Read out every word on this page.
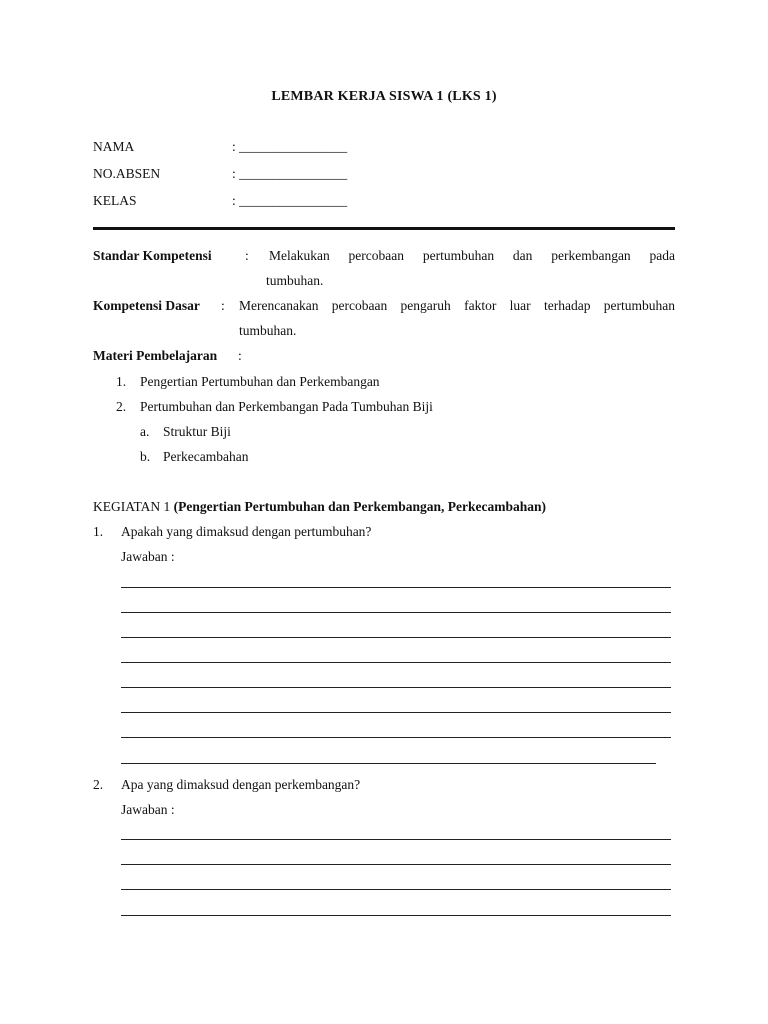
LEMBAR KERJA SISWA 1 (LKS 1)
NAMA	: ________________
NO.ABSEN	: ________________
KELAS	: ________________
Standar Kompetensi : Melakukan percobaan pertumbuhan dan perkembangan pada
tumbuhan.
Kompetensi Dasar : Merencanakan percobaan pengaruh faktor luar terhadap pertumbuhan
tumbuhan.
Materi Pembelajaran :
1. Pengertian Pertumbuhan dan Perkembangan
2. Pertumbuhan dan Perkembangan Pada Tumbuhan Biji
a. Struktur Biji
b. Perkecambahan
KEGIATAN 1 (Pengertian Pertumbuhan dan Perkembangan, Perkecambahan)
1. Apakah yang dimaksud dengan pertumbuhan?
Jawaban :
2. Apa yang dimaksud dengan perkembangan?
Jawaban :
